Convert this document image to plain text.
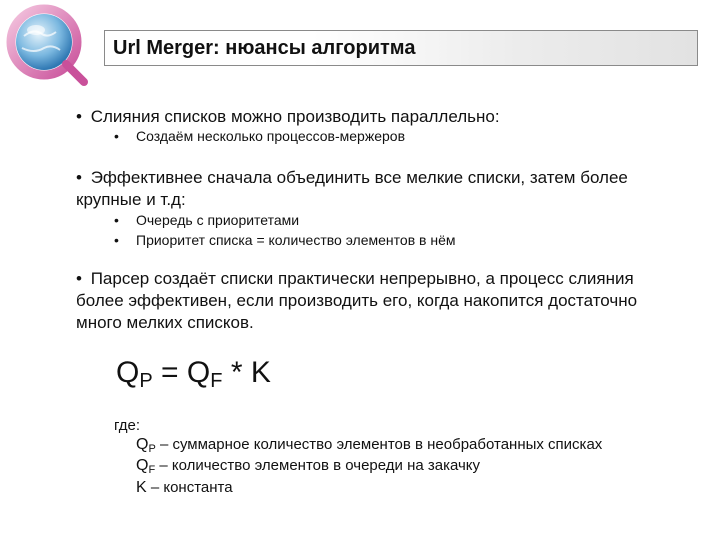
Url Merger: нюансы алгоритма
• Слияния списков можно производить параллельно:
• Создаём несколько процессов-мержеров
• Эффективнее сначала объединить все мелкие списки, затем более крупные и т.д:
• Очередь с приоритетами
• Приоритет списка = количество элементов в нём
• Парсер создаёт списки практически непрерывно, а процесс слияния более эффективен, если производить его, когда накопится достаточно много мелких списков.
$Q_P = Q_F * K$
где:
$Q_P$ – суммарное количество элементов в необработанных списках
$Q_F$ – количество элементов в очереди на закачку
K – константа
